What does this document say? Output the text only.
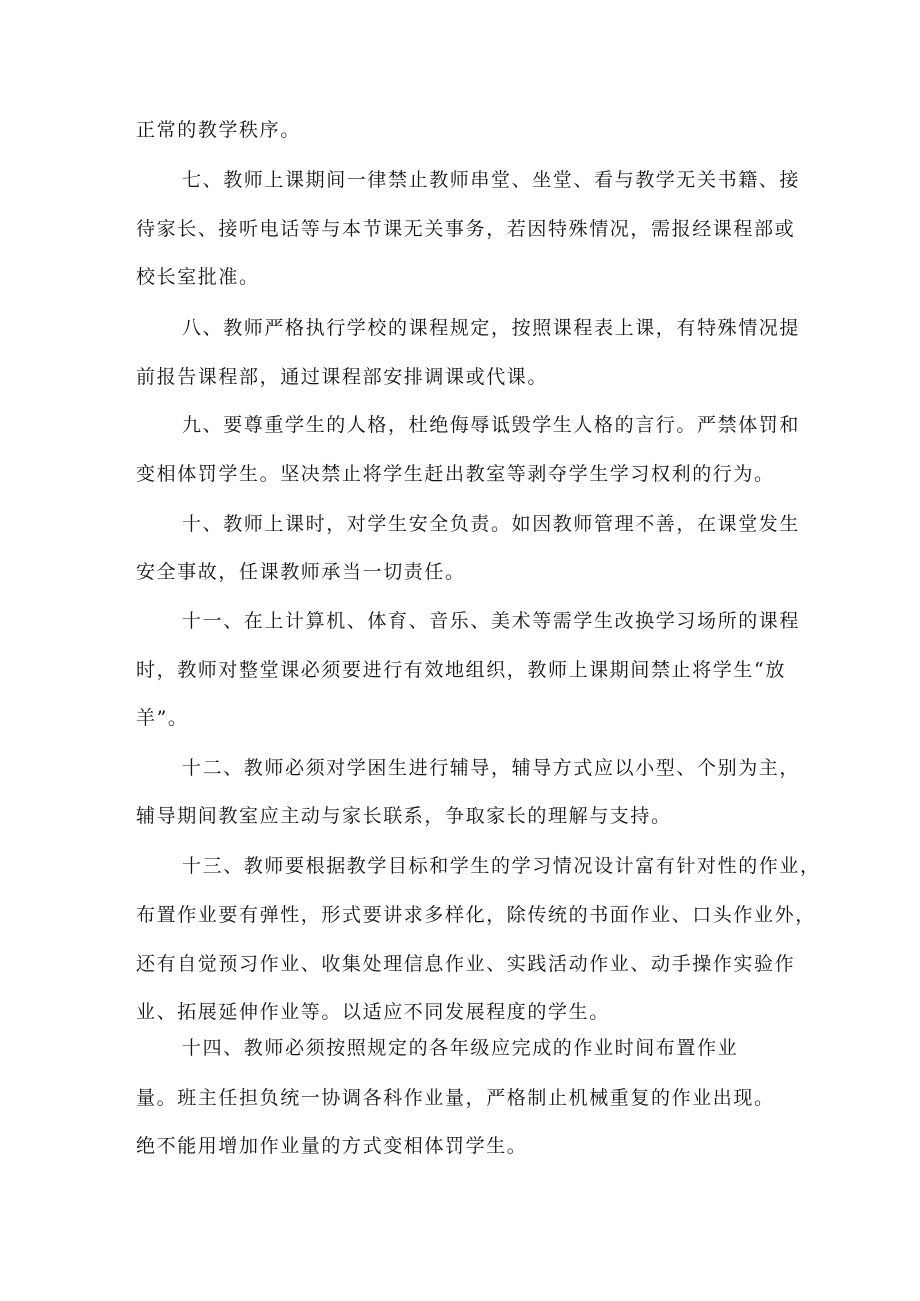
正常的教学秩序。
七、教师上课期间一律禁止教师串堂、坐堂、看与教学无关书籍、接
待家长、接听电话等与本节课无关事务，若因特殊情况，需报经课程部或
校长室批准。
八、教师严格执行学校的课程规定，按照课程表上课，有特殊情况提
前报告课程部，通过课程部安排调课或代课。
九、要尊重学生的人格，杜绝侮辱诋毁学生人格的言行。严禁体罚和
变相体罚学生。坚决禁止将学生赶出教室等剥夺学生学习权利的行为。
十、教师上课时，对学生安全负责。如因教师管理不善，在课堂发生
安全事故，任课教师承当一切责任。
十一、在上计算机、体育、音乐、美术等需学生改换学习场所的课程
时，教师对整堂课必须要进行有效地组织，教师上课期间禁止将学生“放
羊”。
十二、教师必须对学困生进行辅导，辅导方式应以小型、个别为主，
辅导期间教室应主动与家长联系，争取家长的理解与支持。
十三、教师要根据教学目标和学生的学习情况设计富有针对性的作业，
布置作业要有弹性，形式要讲求多样化，除传统的书面作业、口头作业外，
还有自觉预习作业、收集处理信息作业、实践活动作业、动手操作实验作
业、拓展延伸作业等。以适应不同发展程度的学生。
十四、教师必须按照规定的各年级应完成的作业时间布置作业
量。班主任担负统一协调各科作业量，严格制止机械重复的作业出现。
绝不能用增加作业量的方式变相体罚学生。
